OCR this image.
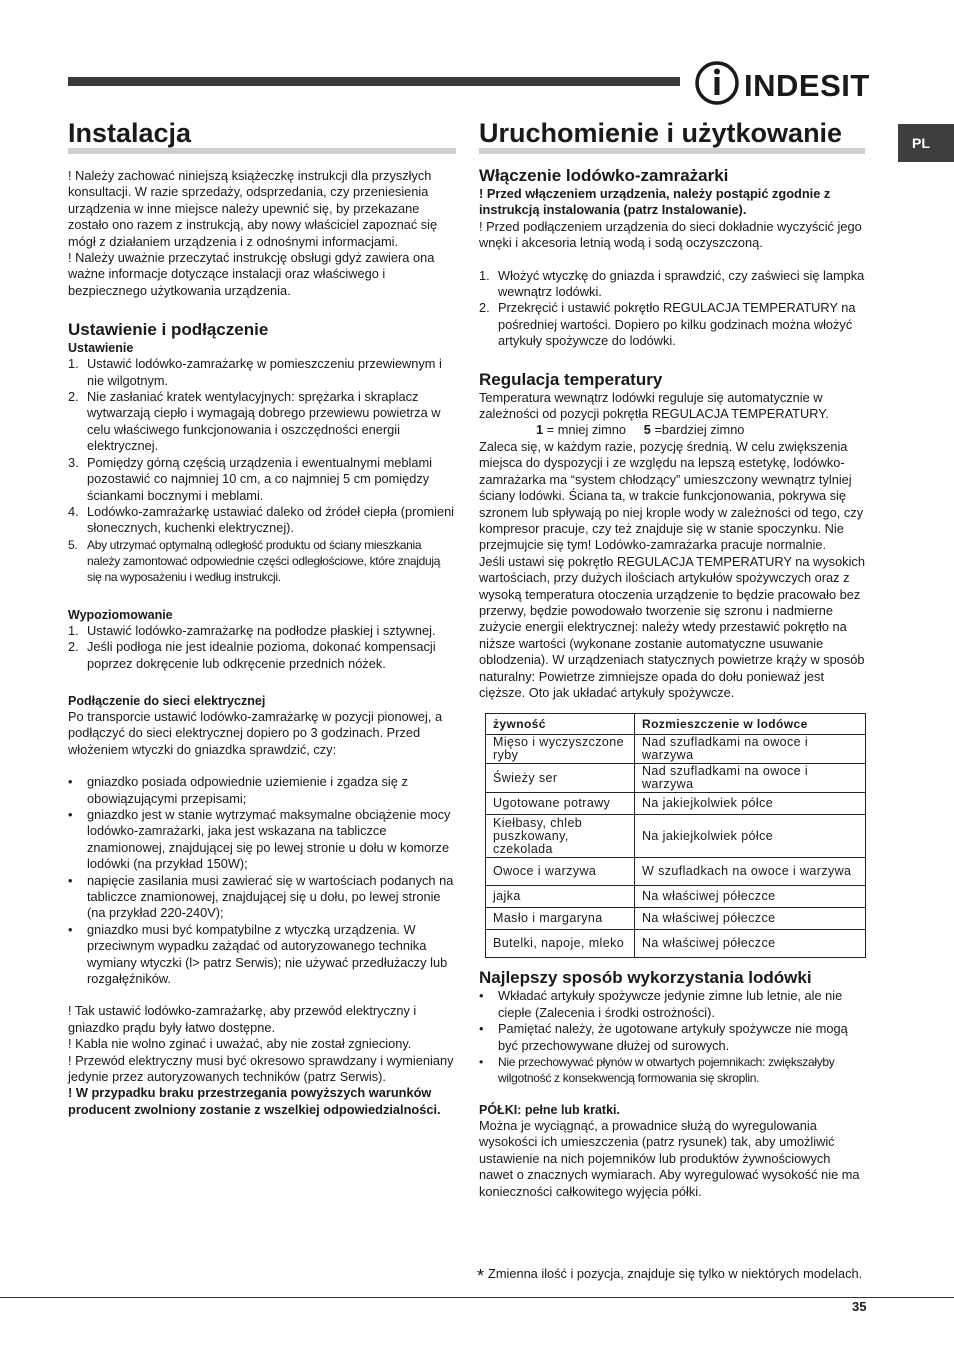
INDESIT
PL
Instalacja

! Należy zachować niniejszą książeczkę instrukcji dla przyszłych konsultacji. W razie sprzedaży, odsprzedania, czy przeniesienia urządzenia w inne miejsce należy upewnić się, by przekazane zostało ono razem z instrukcją, aby nowy właściciel zapoznać się mógł z działaniem urządzenia i z odnośnymi informacjami.

! Należy uważnie przeczytać instrukcję obsługi gdyż zawiera ona ważne informacje dotyczące instalacji oraz właściwego i bezpiecznego użytkowania urządzenia.

Ustawienie i podłączenie
Ustawienie
1. Ustawić lodówko-zamrażarkę w pomieszczeniu przewiewnym i nie wilgotnym.
2. Nie zasłaniać kratek wentylacyjnych: sprężarka i skraplacz wytwarzają ciepło i wymagają dobrego przewiewu powietrza w celu właściwego funkcjonowania i oszczędności energii elektrycznej.
3. Pomiędzy górną częścią urządzenia i ewentualnymi meblami pozostawić co najmniej 10 cm, a co najmniej 5 cm pomiędzy ściankami bocznymi i meblami.
4. Lodówko-zamrażarkę ustawiać daleko od źródeł ciepła (promieni słonecznych, kuchenki elektrycznej).
5. Aby utrzymać optymalną odległość produktu od ściany mieszkania należy zamontować odpowiednie części odległościowe, które znajdują się na wyposażeniu i według instrukcji.
Wypoziomowanie
1. Ustawić lodówko-zamrażarkę na podłodze płaskiej i sztywnej.
2. Jeśli podłoga nie jest idealnie pozioma, dokonać kompensacji poprzez dokręcenie lub odkręcenie przednich nóżek.
Podłączenie do sieci elektrycznej

Po transporcie ustawić lodówko-zamrażarkę w pozycji pionowej, a podłączyć do sieci elektrycznej dopiero po 3 godzinach. Przed włożeniem wtyczki do gniazdka sprawdzić, czy:

• gniazdko posiada odpowiednie uziemienie i zgadza się z obowiązującymi przepisami;
• gniazdko jest w stanie wytrzymać maksymalne obciążenie mocy lodówko-zamrażarki, jaka jest wskazana na tabliczce znamionowej, znajdującej się po lewej stronie u dołu w komorze lodówki (na przykład 150W);
• napięcie zasilania musi zawierać się w wartościach podanych na tabliczce znamionowej, znajdującej się u dołu, po lewej stronie (na przykład 220-240V);
• gniazdko musi być kompatybilne z wtyczką urządzenia. W przeciwnym wypadku zażądać od autoryzowanego technika wymiany wtyczki (l> patrz Serwis); nie używać przedłużaczy lub rozgałęźników.

! Tak ustawić lodówko-zamrażarkę, aby przewód elektryczny i gniazdko prądu były łatwo dostępne.

! Kabla nie wolno zginać i uważać, aby nie został zgnieciony.

! Przewód elektryczny musi być okresowo sprawdzany i wymieniany jedynie przez autoryzowanych techników (patrz Serwis).

! W przypadku braku przestrzegania powyższych warunków producent zwolniony zostanie z wszelkiej odpowiedzialności.

Uruchomienie i użytkowanie
Włączenie lodówko-zamrażarki

! Przed włączeniem urządzenia, należy postąpić zgodnie z instrukcją instalowania (patrz Instalowanie).

! Przed podłączeniem urządzenia do sieci dokładnie wyczyścić jego wnęki i akcesoria letnią wodą i sodą oczyszczoną.

1. Włożyć wtyczkę do gniazda i sprawdzić, czy zaświeci się lampka wewnątrz lodówki.
2. Przekręcić i ustawić pokrętło REGULACJA TEMPERATURY na pośredniej wartości. Dopiero po kilku godzinach można włożyć artykuły spożywcze do lodówki.
Regulacja temperatury

Temperatura wewnątrz lodówki reguluje się automatycznie w zależności od pozycji pokrętła REGULACJA TEMPERATURY.

1 = mniej zimno 5 =bardziej zimno

Zaleca się, w każdym razie, pozycję średnią. W celu zwiększenia miejsca do dyspozycji i ze względu na lepszą estetykę, lodówko-zamrażarka ma “system chłodzący” umieszczony wewnątrz tylniej ściany lodówki. Ściana ta, w trakcie funkcjonowania, pokrywa się szronem lub spływają po niej krople wody w zależności od tego, czy kompresor pracuje, czy też znajduje się w stanie spoczynku. Nie przejmujcie się tym! Lodówko-zamrażarka pracuje normalnie.

Jeśli ustawi się pokrętło REGULACJA TEMPERATURY na wysokich wartościach, przy dużych ilościach artykułów spożywczych oraz z wysoką temperatura otoczenia urządzenie to będzie pracowało bez przerwy, będzie powodowało tworzenie się szronu i nadmierne zużycie energii elektrycznej: należy wtedy przestawić pokrętło na niższe wartości (wykonane zostanie automatyczne usuwanie oblodzenia). W urządzeniach statycznych powietrze krąży w sposób naturalny: Powietrze zimniejsze opada do dołu ponieważ jest cięższe. Oto jak układać artykuły spożywcze.

żywność	Rozmieszczenie w lodówce
Mięso i wyczyszczone ryby	Nad szufladkami na owoce i warzywa
Świeży ser	Nad szufladkami na owoce i warzywa
Ugotowane potrawy	Na jakiejkolwiek półce
Kiełbasy, chleb puszkowany, czekolada	Na jakiejkolwiek półce
Owoce i warzywa	W szufladkach na owoce i warzywa
jajka	Na właściwej półeczce
Masło i margaryna	Na właściwej półeczce
Butelki, napoje, mleko	Na właściwej półeczce
Najlepszy sposób wykorzystania lodówki
• Wkładać artykuły spożywcze jedynie zimne lub letnie, ale nie ciepłe (Zalecenia i środki ostrożności).
• Pamiętać należy, że ugotowane artykuły spożywcze nie mogą być przechowywane dłużej od surowych.
• Nie przechowywać płynów w otwartych pojemnikach: zwiększałyby wilgotność z konsekwencją formowania się skroplin.
PÓŁKI: pełne lub kratki.

Można je wyciągnąć, a prowadnice służą do wyregulowania wysokości ich umieszczenia (patrz rysunek) tak, aby umożliwić ustawienie na nich pojemników lub produktów żywnościowych nawet o znacznych wymiarach. Aby wyregulować wysokość nie ma konieczności całkowitego wyjęcia półki.

* Zmienna ilość i pozycja, znajduje się tylko w niektórych modelach.
35
